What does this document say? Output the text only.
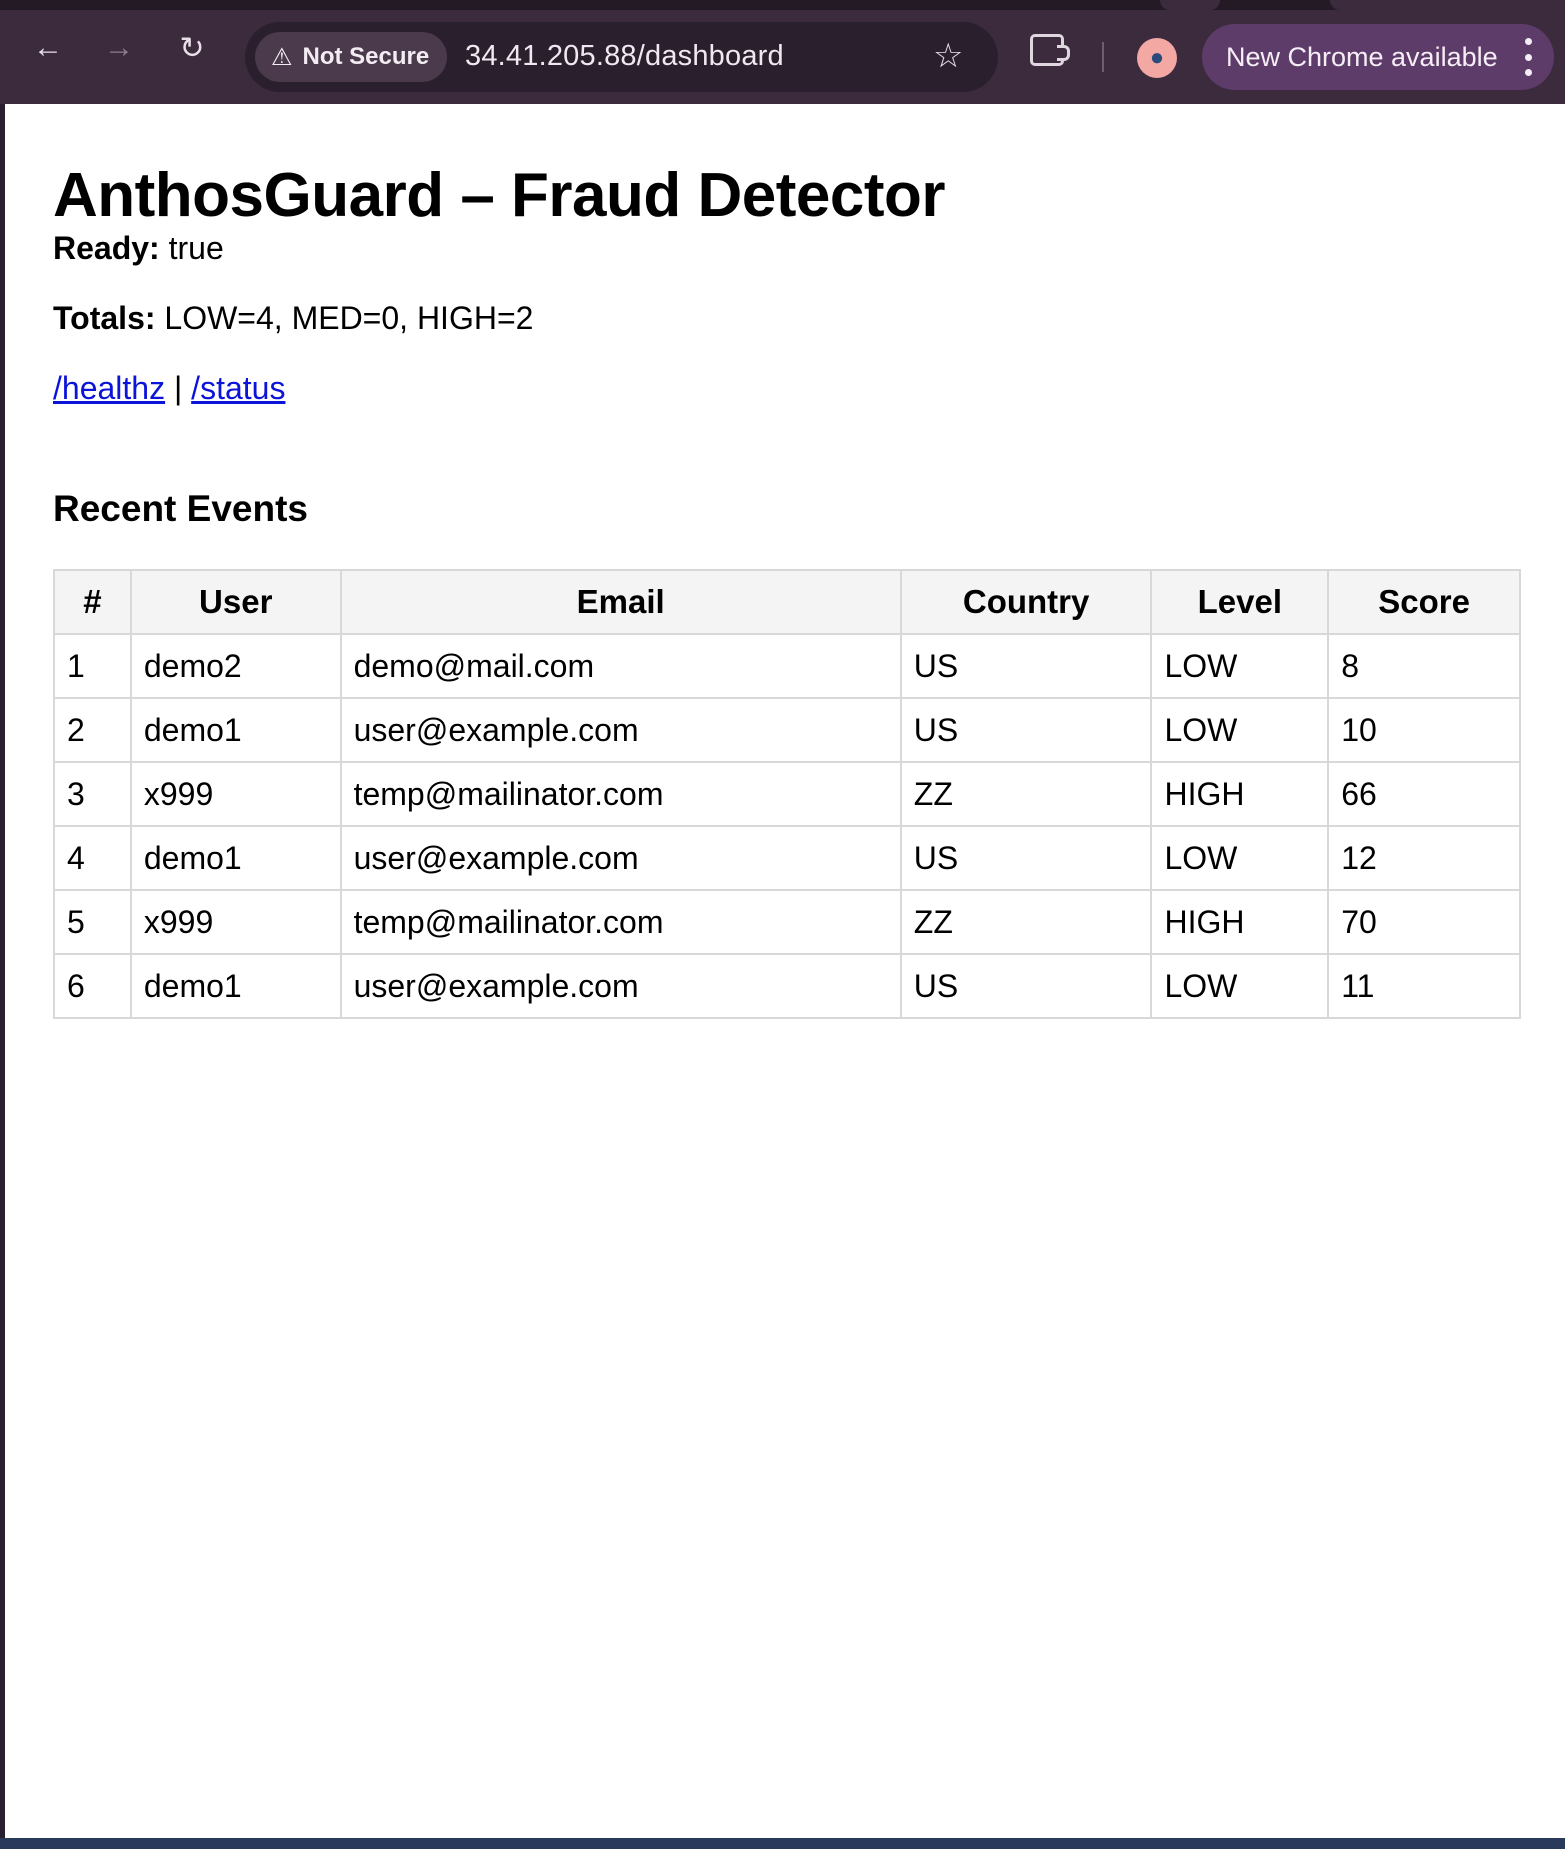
← → ↻	⚠ Not Secure 34.41.205.88/dashboard	☆	● New Chrome available
AnthosGuard – Fraud Detector
Ready: true
Totals: LOW=4, MED=0, HIGH=2
/healthz | /status
Recent Events
#	User	Email	Country	Level	Score
1	demo2	demo@mail.com	US	LOW	8
2	demo1	user@example.com	US	LOW	10
3	x999	temp@mailinator.com	ZZ	HIGH	66
4	demo1	user@example.com	US	LOW	12
5	x999	temp@mailinator.com	ZZ	HIGH	70
6	demo1	user@example.com	US	LOW	11
